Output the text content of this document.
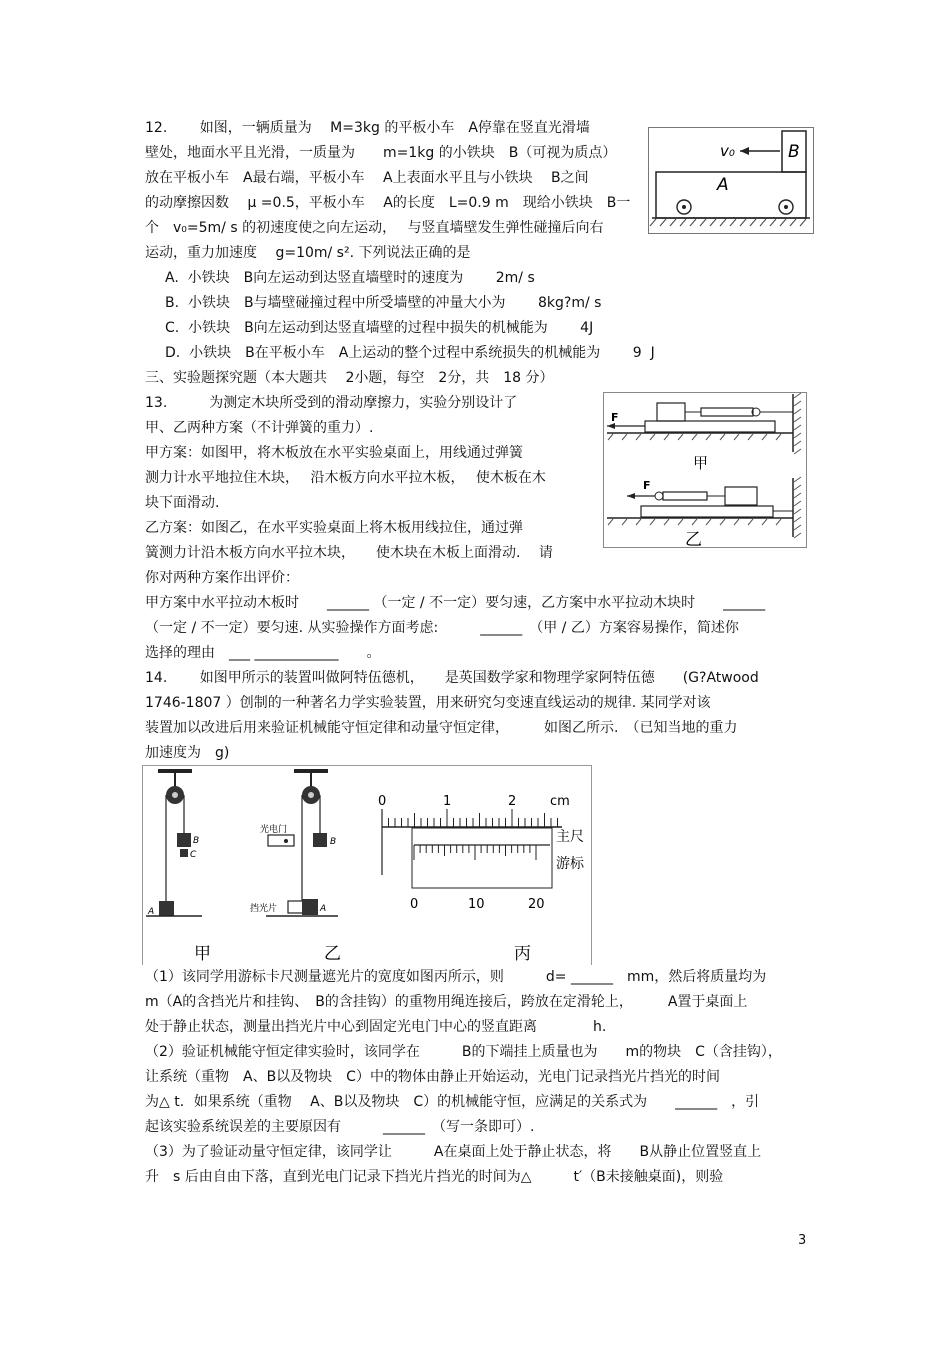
12.　　 如图，一辆质量为　 M=3kg 的平板小车　A停靠在竖直光滑墙
壁处，地面水平且光滑，一质量为　　m=1kg 的小铁块　B（可视为质点）
放在平板小车　A最右端，平板小车　 A上表面水平且与小铁块　 B之间
的动摩擦因数　 μ =0.5，平板小车　 A的长度　L=0.9 m　现给小铁块　B一
个　v₀=5m/ s 的初速度使之向左运动，　 与竖直墙壁发生弹性碰撞后向右
运动，重力加速度　 g=10m/ s². 下列说法正确的是
A.  小铁块　B向左运动到达竖直墙壁时的速度为　　 2m/ s
B.  小铁块　B与墙壁碰撞过程中所受墙壁的冲量大小为　　 8kg?m/ s
C.  小铁块　B向左运动到达竖直墙壁的过程中损失的机械能为　　 4J
D.  小铁块　B在平板小车　A上运动的整个过程中系统损失的机械能为　　 9  J
v₀	B
A
三、实验题探究题（本大题共　 2小题，每空　2分，共　18 分）
13.　　　为测定木块所受到的滑动摩擦力，实验分别设计了
甲、乙两种方案（不计弹簧的重力）.
甲方案：如图甲，将木板放在水平实验桌面上，用线通过弹簧
测力计水平地拉住木块，　 沿木板方向水平拉木板，　 使木板在木
块下面滑动.
乙方案：如图乙，在水平实验桌面上将木板用线拉住，通过弹
簧测力计沿木板方向水平拉木块，　　使木块在木板上面滑动.　 请
你对两种方案作出评价：
甲方案中水平拉动木板时　　______ （一定 / 不一定）要匀速，乙方案中水平拉动木块时　　______
（一定 / 不一定）要匀速. 从实验操作方面考虑:　　　______　（甲 / 乙）方案容易操作，简述你
选择的理由　___ ____________　　。
F
甲
F
乙
14.　　 如图甲所示的装置叫做阿特伍德机，　　是英国数学家和物理学家阿特伍德　　(G?Atwood
1746-1807 ）创制的一种著名力学实验装置，用来研究匀变速直线运动的规律. 某同学对该
装置加以改进后用来验证机械能守恒定律和动量守恒定律，　　　如图乙所示.　（已知当地的重力
加速度为　g)
B
C
A
光电门
B
挡光片	A
0	1	2	cm
主尺
游标
0	10	20
甲	乙	丙
（1）该同学用游标卡尺测量遮光片的宽度如图丙所示，则　　　d= ______　mm，然后将质量均为
m（A的含挡光片和挂钩、　B的含挂钩）的重物用绳连接后，跨放在定滑轮上，　　　A置于桌面上
处于静止状态，测量出挡光片中心到固定光电门中心的竖直距离　　　　h.
（2）验证机械能守恒定律实验时，该同学在　　　B的下端挂上质量也为　　m的物块　C（含挂钩），
让系统（重物　A、B以及物块　C）中的物体由静止开始运动，光电门记录挡光片挡光的时间
为△ t．如果系统（重物　 A、B以及物块　C）的机械能守恒，应满足的关系式为　　______　，引
起该实验系统误差的主要原因有　　　______　（写一条即可）.
（3）为了验证动量守恒定律，该同学让　　　A在桌面上处于静止状态，将　　B从静止位置竖直上
升　s 后由自由下落，直到光电门记录下挡光片挡光的时间为△　　　t′（B未接触桌面)，则验
3
